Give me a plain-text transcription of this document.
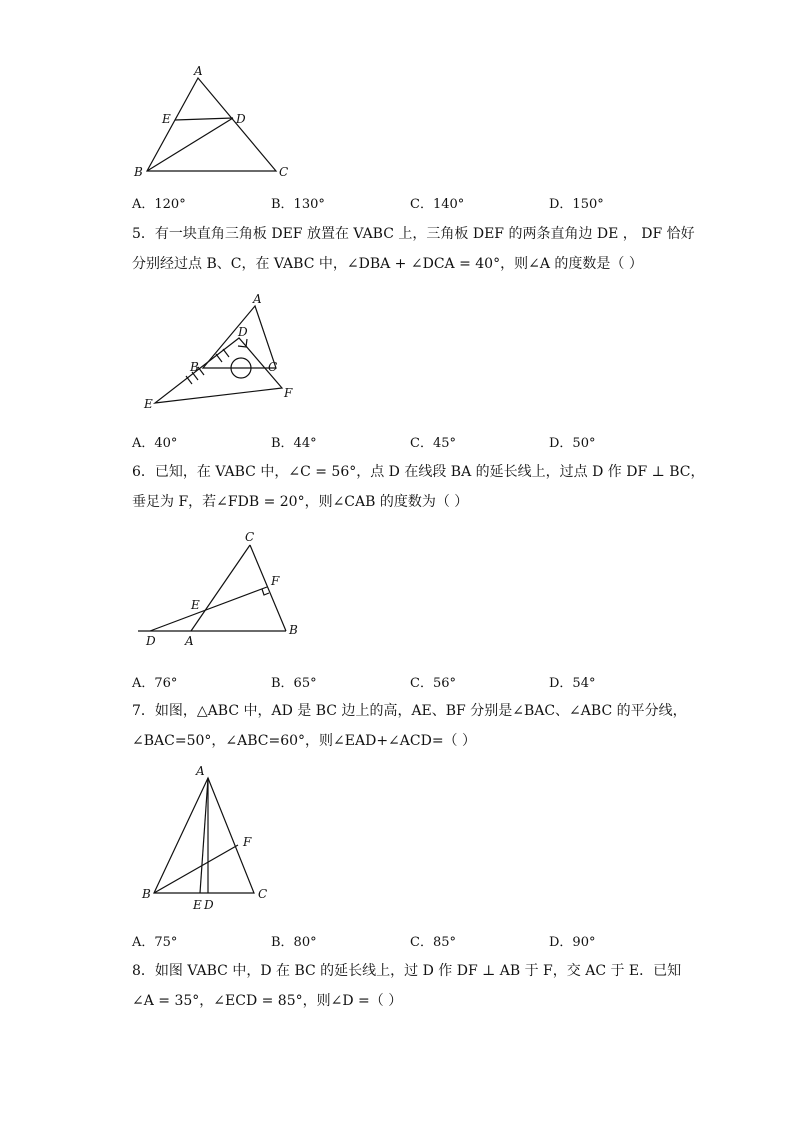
A
E	D
B	C
A．120°	B．130°	C．140°	D．150°
5．有一块直角三角板 DEF 放置在 VABC 上，三角板 DEF 的两条直角边 DE ， DF 恰好
分别经过点 B、C，在 VABC 中，∠DBA + ∠DCA = 40°，则∠A 的度数是（ ）
A
D
B	C
E
F
A．40°	B．44°	C．45°	D．50°
6．已知，在 VABC 中，∠C = 56°，点 D 在线段 BA 的延长线上，过点 D 作 DF ⊥ BC，
垂足为 F，若∠FDB = 20°，则∠CAB 的度数为（ ）
C
F
E
D A
B
A．76°	B．65°	C．56°	D．54°
7．如图，△ABC 中，AD 是 BC 边上的高，AE、BF 分别是∠BAC、∠ABC 的平分线，
∠BAC=50°，∠ABC=60°，则∠EAD+∠ACD=（ ）
A
F
B	C
E D
A．75°	B．80°	C．85°	D．90°
8．如图 VABC 中，D 在 BC 的延长线上，过 D 作 DF ⊥ AB 于 F，交 AC 于 E．已知
∠A = 35°，∠ECD = 85°，则∠D =（ ）
